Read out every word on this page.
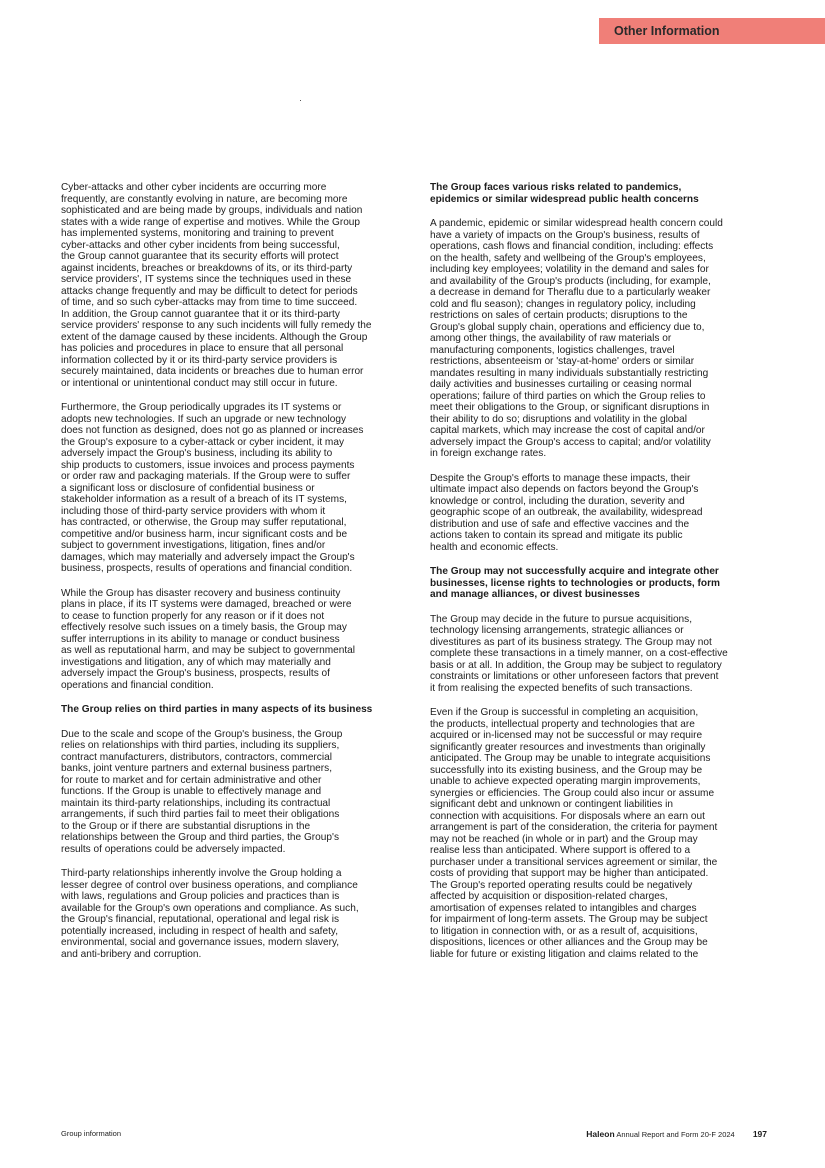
Other Information

Cyber-attacks and other cyber incidents are occurring more
frequently, are constantly evolving in nature, are becoming more
sophisticated and are being made by groups, individuals and nation
states with a wide range of expertise and motives. While the Group
has implemented systems, monitoring and training to prevent
cyber-attacks and other cyber incidents from being successful,
the Group cannot guarantee that its security efforts will protect
against incidents, breaches or breakdowns of its, or its third-party
service providers', IT systems since the techniques used in these
attacks change frequently and may be difficult to detect for periods
of time, and so such cyber-attacks may from time to time succeed.
In addition, the Group cannot guarantee that it or its third-party
service providers' response to any such incidents will fully remedy the
extent of the damage caused by these incidents. Although the Group
has policies and procedures in place to ensure that all personal
information collected by it or its third-party service providers is
securely maintained, data incidents or breaches due to human error
or intentional or unintentional conduct may still occur in future.

Furthermore, the Group periodically upgrades its IT systems or
adopts new technologies. If such an upgrade or new technology
does not function as designed, does not go as planned or increases
the Group's exposure to a cyber-attack or cyber incident, it may
adversely impact the Group's business, including its ability to
ship products to customers, issue invoices and process payments
or order raw and packaging materials. If the Group were to suffer
a significant loss or disclosure of confidential business or
stakeholder information as a result of a breach of its IT systems,
including those of third-party service providers with whom it
has contracted, or otherwise, the Group may suffer reputational,
competitive and/or business harm, incur significant costs and be
subject to government investigations, litigation, fines and/or
damages, which may materially and adversely impact the Group's
business, prospects, results of operations and financial condition.

While the Group has disaster recovery and business continuity
plans in place, if its IT systems were damaged, breached or were
to cease to function properly for any reason or if it does not
effectively resolve such issues on a timely basis, the Group may
suffer interruptions in its ability to manage or conduct business
as well as reputational harm, and may be subject to governmental
investigations and litigation, any of which may materially and
adversely impact the Group's business, prospects, results of
operations and financial condition.

The Group relies on third parties in many aspects of its business

Due to the scale and scope of the Group's business, the Group
relies on relationships with third parties, including its suppliers,
contract manufacturers, distributors, contractors, commercial
banks, joint venture partners and external business partners,
for route to market and for certain administrative and other
functions. If the Group is unable to effectively manage and
maintain its third-party relationships, including its contractual
arrangements, if such third parties fail to meet their obligations
to the Group or if there are substantial disruptions in the
relationships between the Group and third parties, the Group's
results of operations could be adversely impacted.

Third-party relationships inherently involve the Group holding a
lesser degree of control over business operations, and compliance
with laws, regulations and Group policies and practices than is
available for the Group's own operations and compliance. As such,
the Group's financial, reputational, operational and legal risk is
potentially increased, including in respect of health and safety,
environmental, social and governance issues, modern slavery,
and anti-bribery and corruption.

The Group faces various risks related to pandemics,
epidemics or similar widespread public health concerns

A pandemic, epidemic or similar widespread health concern could
have a variety of impacts on the Group's business, results of
operations, cash flows and financial condition, including: effects
on the health, safety and wellbeing of the Group's employees,
including key employees; volatility in the demand and sales for
and availability of the Group's products (including, for example,
a decrease in demand for Theraflu due to a particularly weaker
cold and flu season); changes in regulatory policy, including
restrictions on sales of certain products; disruptions to the
Group's global supply chain, operations and efficiency due to,
among other things, the availability of raw materials or
manufacturing components, logistics challenges, travel
restrictions, absenteeism or 'stay-at-home' orders or similar
mandates resulting in many individuals substantially restricting
daily activities and businesses curtailing or ceasing normal
operations; failure of third parties on which the Group relies to
meet their obligations to the Group, or significant disruptions in
their ability to do so; disruptions and volatility in the global
capital markets, which may increase the cost of capital and/or
adversely impact the Group's access to capital; and/or volatility
in foreign exchange rates.

Despite the Group's efforts to manage these impacts, their
ultimate impact also depends on factors beyond the Group's
knowledge or control, including the duration, severity and
geographic scope of an outbreak, the availability, widespread
distribution and use of safe and effective vaccines and the
actions taken to contain its spread and mitigate its public
health and economic effects.

The Group may not successfully acquire and integrate other
businesses, license rights to technologies or products, form
and manage alliances, or divest businesses

The Group may decide in the future to pursue acquisitions,
technology licensing arrangements, strategic alliances or
divestitures as part of its business strategy. The Group may not
complete these transactions in a timely manner, on a cost-effective
basis or at all. In addition, the Group may be subject to regulatory
constraints or limitations or other unforeseen factors that prevent
it from realising the expected benefits of such transactions.

Even if the Group is successful in completing an acquisition,
the products, intellectual property and technologies that are
acquired or in-licensed may not be successful or may require
significantly greater resources and investments than originally
anticipated. The Group may be unable to integrate acquisitions
successfully into its existing business, and the Group may be
unable to achieve expected operating margin improvements,
synergies or efficiencies. The Group could also incur or assume
significant debt and unknown or contingent liabilities in
connection with acquisitions. For disposals where an earn out
arrangement is part of the consideration, the criteria for payment
may not be reached (in whole or in part) and the Group may
realise less than anticipated. Where support is offered to a
purchaser under a transitional services agreement or similar, the
costs of providing that support may be higher than anticipated.
The Group's reported operating results could be negatively
affected by acquisition or disposition-related charges,
amortisation of expenses related to intangibles and charges
for impairment of long-term assets. The Group may be subject
to litigation in connection with, or as a result of, acquisitions,
dispositions, licences or other alliances and the Group may be
liable for future or existing litigation and claims related to the

Group information	Haleon Annual Report and Form 20-F 2024 197
